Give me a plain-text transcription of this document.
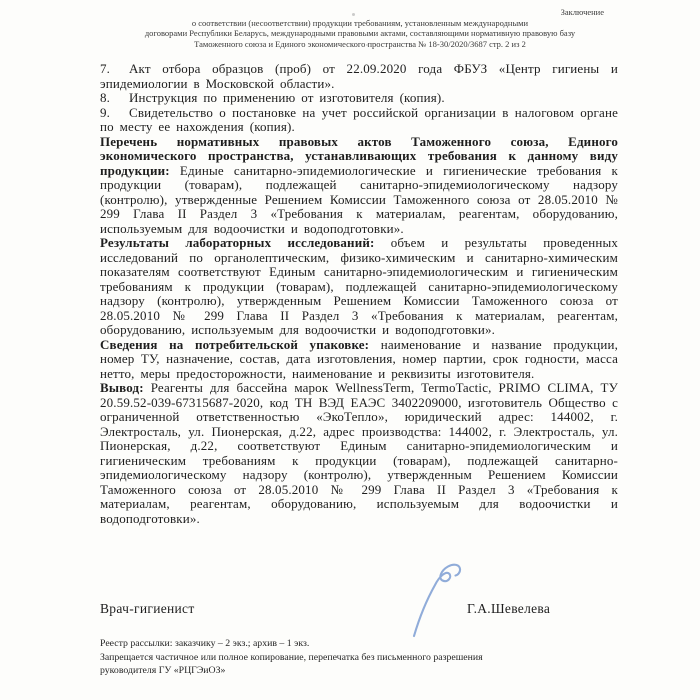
Заключение
о соответствии (несоответствии) продукции требованиям, установленным международными
договорами Республики Беларусь, международными правовыми актами, составляющими нормативную правовую базу
Таможенного союза и Единого экономического пространства № 18-30/2020/3687 стр. 2 из 2

7. Акт отбора образцов (проб) от 22.09.2020 года ФБУЗ «Центр гигиены и эпидемиологии в Московской области».

8. Инструкция по применению от изготовителя (копия).

9. Свидетельство о постановке на учет российской организации в налоговом органе по месту ее нахождения (копия).

Перечень нормативных правовых актов Таможенного союза, Единого экономического пространства, устанавливающих требования к данному виду продукции: Единые санитарно-эпидемиологические и гигиенические требования к продукции (товарам), подлежащей санитарно-эпидемиологическому надзору (контролю), утвержденные Решением Комиссии Таможенного союза от 28.05.2010 № 299 Глава II Раздел 3 «Требования к материалам, реагентам, оборудованию, используемым для водоочистки и водоподготовки».

Результаты лабораторных исследований: объем и результаты проведенных исследований по органолептическим, физико-химическим и санитарно-химическим показателям соответствуют Единым санитарно-эпидемиологическим и гигиеническим требованиям к продукции (товарам), подлежащей санитарно-эпидемиологическому надзору (контролю), утвержденным Решением Комиссии Таможенного союза от 28.05.2010 № 299 Глава II Раздел 3 «Требования к материалам, реагентам, оборудованию, используемым для водоочистки и водоподготовки».

Сведения на потребительской упаковке: наименование и название продукции, номер ТУ, назначение, состав, дата изготовления, номер партии, срок годности, масса нетто, меры предосторожности, наименование и реквизиты изготовителя.

Вывод: Реагенты для бассейна марок WellnessTerm, TermoTactic, PRIMO CLIMA, ТУ 20.59.52-039-67315687-2020, код ТН ВЭД ЕАЭС 3402209000, изготовитель Общество с ограниченной ответственностью «ЭкоТепло», юридический адрес: 144002, г. Электросталь, ул. Пионерская, д.22, адрес производства: 144002, г. Электросталь, ул. Пионерская, д.22, соответствуют Единым санитарно-эпидемиологическим и гигиеническим требованиям к продукции (товарам), подлежащей санитарно-эпидемиологическому надзору (контролю), утвержденным Решением Комиссии Таможенного союза от 28.05.2010 № 299 Глава II Раздел 3 «Требования к материалам, реагентам, оборудованию, используемым для водоочистки и водоподготовки».

Врач-гигиенист	Г.А.Шевелева
Реестр рассылки: заказчику – 2 экз.; архив – 1 экз.
Запрещается частичное или полное копирование, перепечатка без письменного разрешения
руководителя ГУ «РЦГЭиОЗ»
